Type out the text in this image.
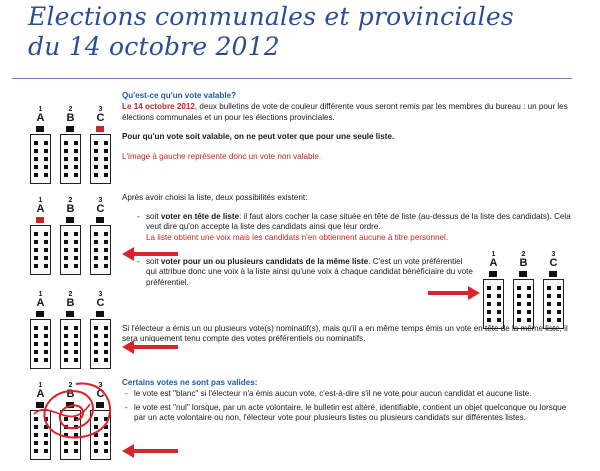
Elections communales et provinciales
du 14 octobre 2012
1
A
2
B
3
C
1
A
2
B
3
C
1
A
2
B
3
C
1
A
2
B
3
C
1
A
2
B
3
C
Qu'est-ce qu'un vote valable?
Le 14 octobre 2012, deux bulletins de vote de couleur différente vous seront remis par les membres du bureau : un pour les élections communales et un pour les élections provinciales.
Pour qu'un vote soit valable, on ne peut voter que pour une seule liste.
L'image à gauche représente donc un vote non valable.
Après avoir choisi la liste, deux possibilités existent:
- soit voter en tête de liste: il faut alors cocher la case située en tête de liste (au-dessus de la liste des candidats). Cela veut dire qu'on accepte la liste des candidats ainsi que leur ordre.
La liste obtient une voix mais les candidats n'en obtiennent aucune à titre personnel.
- soit voter pour un ou plusieurs candidats de la même liste. C'est un vote préférentiel qui attribue donc une voix à la liste ainsi qu'une voix à chaque candidat bénéficiaire du vote préférentiel.
Si l'électeur a émis un ou plusieurs vote(s) nominatif(s), mais qu'il a en même temps émis un vote en tête de la même liste, il sera uniquement tenu compte des votes préférentiels ou nominatifs.
Certains votes ne sont pas valides:
- le vote est "blanc" si l'électeur n'a émis aucun vote, c'est-à-dire s'il ne vote pour aucun candidat et aucune liste.
- le vote est "nul" lorsque, par un acte volontaire, le bulletin est altéré, identifiable, contient un objet quelconque ou lorsque par un acte volontaire ou non, l'électeur vote pour plusieurs listes ou plusieurs candidats sur différentes listes.
